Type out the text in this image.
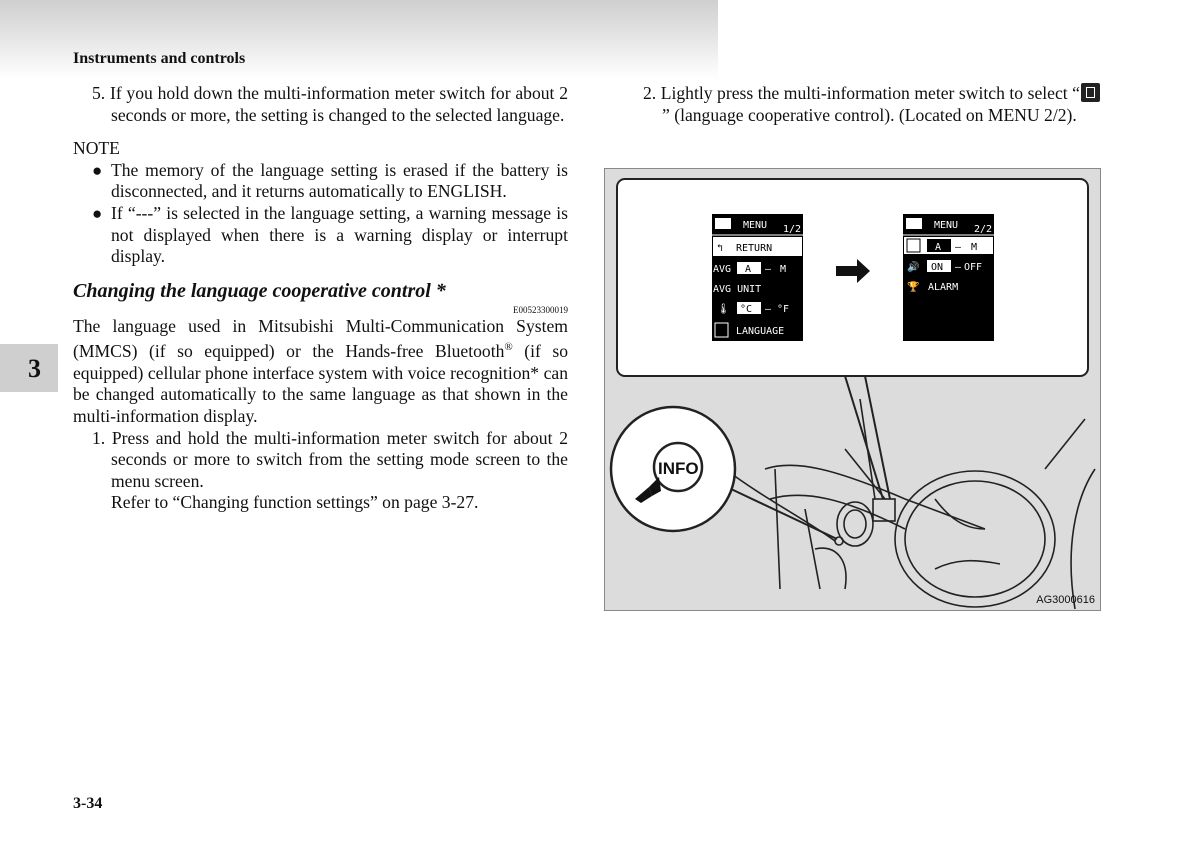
Instruments and controls
3

5. If you hold down the multi-information meter switch for about 2 seconds or more, the setting is changed to the selected language.

NOTE

● The memory of the language setting is erased if the battery is disconnected, and it returns automatically to ENGLISH.

● If “---” is selected in the language setting, a warning message is not displayed when there is a warning display or interrupt display.

Changing the language cooperative control *
E00523300019

The language used in Mitsubishi Multi-Communication System (MMCS) (if so equipped) or the Hands-free Bluetooth® (if so equipped) cellular phone interface system with voice recognition* can be changed automatically to the same language as that shown in the multi-information display.

1. Press and hold the multi-information meter switch for about 2 seconds or more to switch from the setting mode screen to the menu screen.

Refer to “Changing function settings” on page 3-27.

2. Lightly press the multi-information meter switch to select “” (language cooperative control). (Located on MENU 2/2).

MENU 1/2
↰ RETURN
AVG A – M
AVG UNIT
🌡 °C – °F
LANGUAGE
MENU 2/2
A – M
🔊 ON – OFF
🏆 ALARM
INFO
AG3000616
3-34
